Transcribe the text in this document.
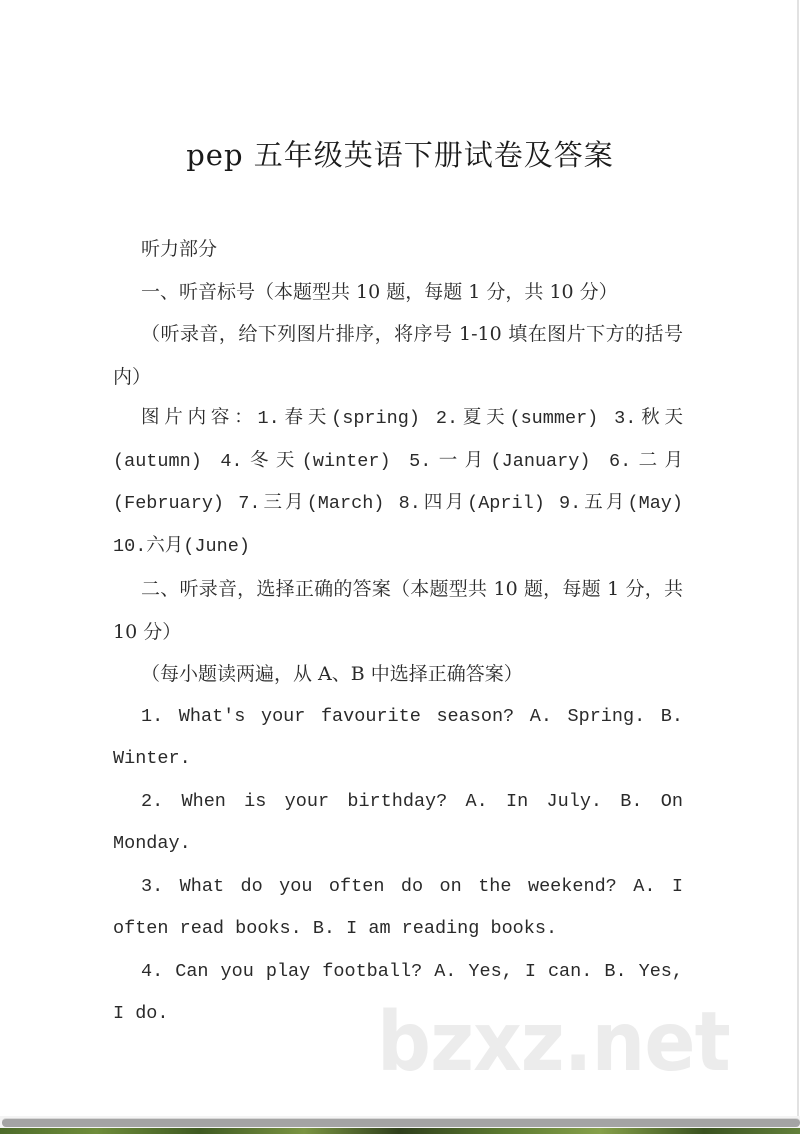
pep 五年级英语下册试卷及答案

听力部分

一、听音标号（本题型共 10 题，每题 1 分，共 10 分）

（听录音，给下列图片排序，将序号 1-10 填在图片下方的括号内）

图片内容：1.春天(spring) 2.夏天(summer) 3.秋天(autumn) 4.冬天(winter) 5.一月(January) 6.二月(February) 7.三月(March) 8.四月(April) 9.五月(May) 10.六月(June)

二、听录音，选择正确的答案（本题型共 10 题，每题 1 分，共 10 分）

（每小题读两遍，从 A、B 中选择正确答案）

1. What's your favourite season? A. Spring. B. Winter.

2. When is your birthday? A. In July. B. On Monday.

3. What do you often do on the weekend? A. I often read books. B. I am reading books.

4. Can you play football? A. Yes, I can. B. Yes, I do.	bzxz.net
